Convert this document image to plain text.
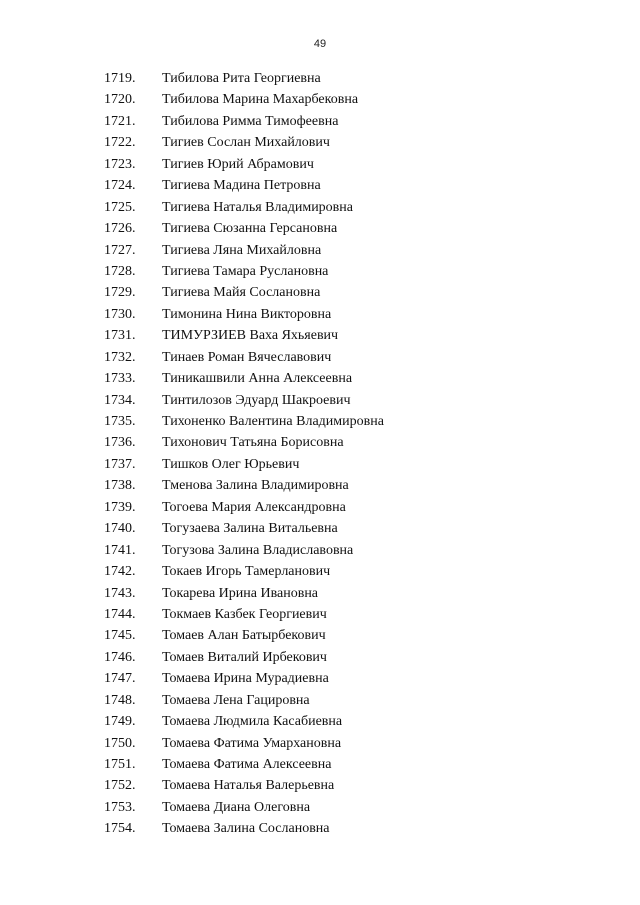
49
1719.	Тибилова Рита Георгиевна
1720.	Тибилова Марина Махарбековна
1721.	Тибилова Римма Тимофеевна
1722.	Тигиев Сослан Михайлович
1723.	Тигиев Юрий Абрамович
1724.	Тигиева Мадина Петровна
1725.	Тигиева Наталья Владимировна
1726.	Тигиева Сюзанна Герсановна
1727.	Тигиева Ляна Михайловна
1728.	Тигиева Тамара Руслановна
1729.	Тигиева Майя Сослановна
1730.	Тимонина Нина Викторовна
1731.	ТИМУРЗИЕВ Ваха Яхьяевич
1732.	Тинаев Роман Вячеславович
1733.	Тиникашвили Анна Алексеевна
1734.	Тинтилозов Эдуард Шакроевич
1735.	Тихоненко Валентина Владимировна
1736.	Тихонович Татьяна Борисовна
1737.	Тишков Олег Юрьевич
1738.	Тменова Залина Владимировна
1739.	Тогоева Мария Александровна
1740.	Тогузаева Залина Витальевна
1741.	Тогузова Залина Владиславовна
1742.	Токаев Игорь Тамерланович
1743.	Токарева Ирина Ивановна
1744.	Токмаев Казбек Георгиевич
1745.	Томаев Алан Батырбекович
1746.	Томаев Виталий Ирбекович
1747.	Томаева Ирина Мурадиевна
1748.	Томаева Лена Гацировна
1749.	Томаева Людмила Касабиевна
1750.	Томаева Фатима Умархановна
1751.	Томаева Фатима Алексеевна
1752.	Томаева Наталья Валерьевна
1753.	Томаева Диана Олеговна
1754.	Томаева Залина Сослановна
